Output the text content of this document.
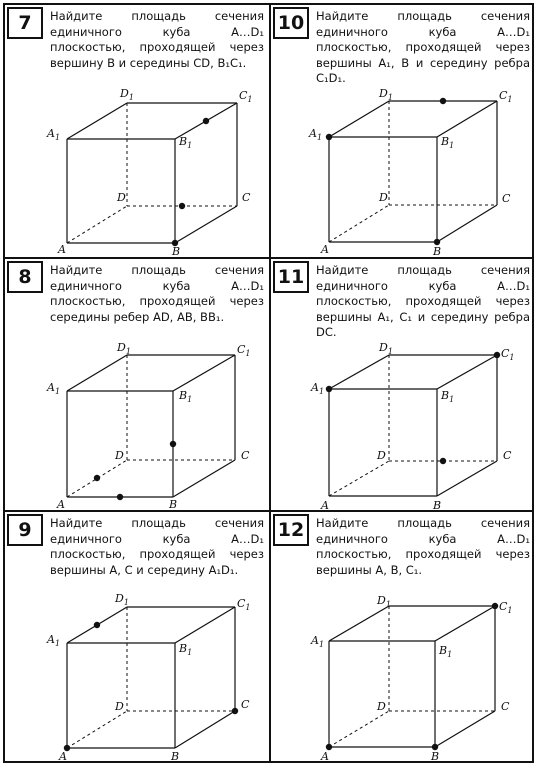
7	Найдите площадь сечения единичного куба A…D₁ плоскостью, проходящей через вершину B и середины CD, B₁C₁.
$D_1$	$C_1$
$A_1$	$B_1$
D	C
A	B
10	Найдите площадь сечения единичного куба A…D₁ плоскостью, проходящей через вершины A₁, B и середину ребра C₁D₁.
$D_1$	$C_1$
$A_1$	$B_1$
D	C
A	B
8	Найдите площадь сечения единичного куба A…D₁ плоскостью, проходящей через середины ребер AD, AB, BB₁.
$D_1$	$C_1$
$A_1$	$B_1$
D	C
A	B
11	Найдите площадь сечения единичного куба A…D₁ плоскостью, проходящей через вершины A₁, C₁ и середину ребра DC.
$D_1$	$C_1$
$A_1$	$B_1$
D	C
A	B
9	Найдите площадь сечения единичного куба A…D₁ плоскостью, проходящей через вершины A, C и середину A₁D₁.
$D_1$	$C_1$
$A_1$	$B_1$
D	C
A	B
12	Найдите площадь сечения единичного куба A…D₁ плоскостью, проходящей через вершины A, B, C₁.
$D_1$	$C_1$
$A_1$	$B_1$
D	C
A	B
